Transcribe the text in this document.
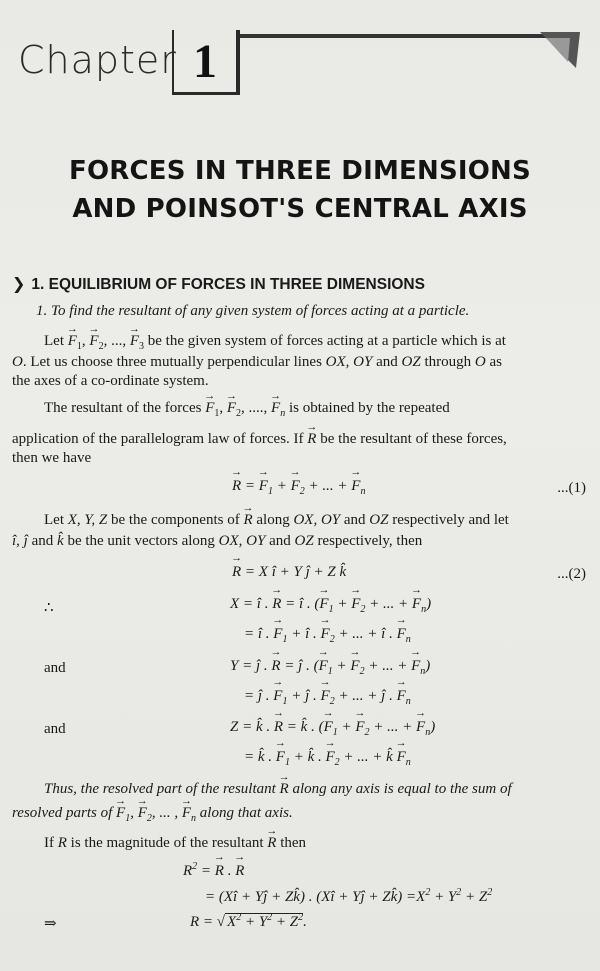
Chapter 1
FORCES IN THREE DIMENSIONS
AND POINSOT'S CENTRAL AXIS
❯ 1. EQUILIBRIUM OF FORCES IN THREE DIMENSIONS
1. To find the resultant of any given system of forces acting at a particle.
Let → $F_1$, → $F_2$, ..., → $F_3$ be the given system of forces acting at a particle which is at
O. Let us choose three mutually perpendicular lines OX, OY and OZ through O as
the axes of a co-ordinate system.
The resultant of the forces → $F_1$, → $F_2$, ...., → $F_n$ is obtained by the repeated
application of the parallelogram law of forces. If → R be the resultant of these forces,
then we have
→ R = → $F_1$ + → $F_2$ + ... + → $F_n$	...(1)
Let X, Y, Z be the components of → R along OX, OY and OZ respectively and let
î, ĵ and k̂ be the unit vectors along OX, OY and OZ respectively, then
→ R = X î + Y ĵ + Z k̂	...(2)
∴	X = î . → R = î . (→ $F_1$ + → $F_2$ + ... + → $F_n$)
= î . → $F_1$ + î . → $F_2$ + ... + î . → $F_n$
and	Y = ĵ . → R = ĵ . (→ $F_1$ + → $F_2$ + ... + → $F_n$)
= ĵ . → $F_1$ + ĵ . → $F_2$ + ... + ĵ . → $F_n$
and	Z = k̂ . → R = k̂ . (→ $F_1$ + → $F_2$ + ... + → $F_n$)
= k̂ . → $F_1$ + k̂ . → $F_2$ + ... + k̂ → $F_n$
Thus, the resolved part of the resultant → R along any axis is equal to the sum of
resolved parts of → $F_1$, → $F_2$, ... , → $F_n$ along that axis.
If R is the magnitude of the resultant → R then
$R^2$ = → R . → R
= (Xî + Yĵ + Zk̂) . (Xî + Yĵ + Zk̂) $=X^2 + Y^2 + Z^2$
⇒	R = √ $X^2 + Y^2 + Z^2$.
